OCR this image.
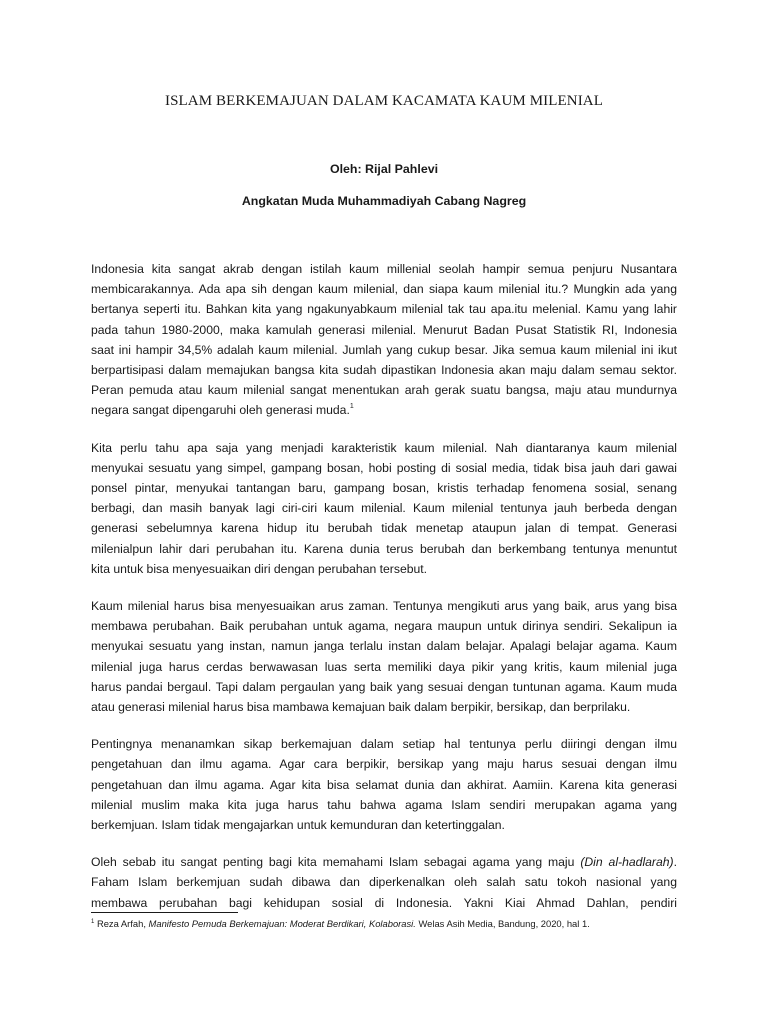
ISLAM BERKEMAJUAN DALAM KACAMATA KAUM MILENIAL
Oleh: Rijal Pahlevi
Angkatan Muda Muhammadiyah Cabang Nagreg

Indonesia kita sangat akrab dengan istilah kaum millenial seolah hampir semua penjuru Nusantara
membicarakannya. Ada apa sih dengan kaum milenial, dan siapa kaum milenial itu.? Mungkin ada yang
bertanya seperti itu. Bahkan kita yang ngakunyabkaum milenial tak tau apa.itu melenial. Kamu yang lahir
pada tahun 1980-2000, maka kamulah generasi milenial. Menurut Badan Pusat Statistik RI, Indonesia
saat ini hampir 34,5% adalah kaum milenial. Jumlah yang cukup besar. Jika semua kaum milenial ini ikut
berpartisipasi dalam memajukan bangsa kita sudah dipastikan Indonesia akan maju dalam semau sektor.
Peran pemuda atau kaum milenial sangat menentukan arah gerak suatu bangsa, maju atau mundurnya
negara sangat dipengaruhi oleh generasi muda.$^1$

Kita perlu tahu apa saja yang menjadi karakteristik kaum milenial. Nah diantaranya kaum milenial
menyukai sesuatu yang simpel, gampang bosan, hobi posting di sosial media, tidak bisa jauh dari gawai
ponsel pintar, menyukai tantangan baru, gampang bosan, kristis terhadap fenomena sosial, senang
berbagi, dan masih banyak lagi ciri-ciri kaum milenial. Kaum milenial tentunya jauh berbeda dengan
generasi sebelumnya karena hidup itu berubah tidak menetap ataupun jalan di tempat. Generasi
milenialpun lahir dari perubahan itu. Karena dunia terus berubah dan berkembang tentunya menuntut
kita untuk bisa menyesuaikan diri dengan perubahan tersebut.

Kaum milenial harus bisa menyesuaikan arus zaman. Tentunya mengikuti arus yang baik, arus yang bisa
membawa perubahan. Baik perubahan untuk agama, negara maupun untuk dirinya sendiri. Sekalipun ia
menyukai sesuatu yang instan, namun janga terlalu instan dalam belajar. Apalagi belajar agama. Kaum
milenial juga harus cerdas berwawasan luas serta memiliki daya pikir yang kritis, kaum milenial juga
harus pandai bergaul. Tapi dalam pergaulan yang baik yang sesuai dengan tuntunan agama. Kaum muda
atau generasi milenial harus bisa mambawa kemajuan baik dalam berpikir, bersikap, dan berprilaku.

Pentingnya menanamkan sikap berkemajuan dalam setiap hal tentunya perlu diiringi dengan ilmu
pengetahuan dan ilmu agama. Agar cara berpikir, bersikap yang maju harus sesuai dengan ilmu
pengetahuan dan ilmu agama. Agar kita bisa selamat dunia dan akhirat. Aamiin. Karena kita generasi
milenial muslim maka kita juga harus tahu bahwa agama Islam sendiri merupakan agama yang
berkemjuan. Islam tidak mengajarkan untuk kemunduran dan ketertinggalan.

Oleh sebab itu sangat penting bagi kita memahami Islam sebagai agama yang maju (Din al-hadlarah).
Faham Islam berkemjuan sudah dibawa dan diperkenalkan oleh salah satu tokoh nasional yang
membawa perubahan bagi kehidupan sosial di Indonesia. Yakni Kiai Ahmad Dahlan, pendiri

$^1$ Reza Arfah, Manifesto Pemuda Berkemajuan: Moderat Berdikari, Kolaborasi. Welas Asih Media, Bandung, 2020, hal 1.
